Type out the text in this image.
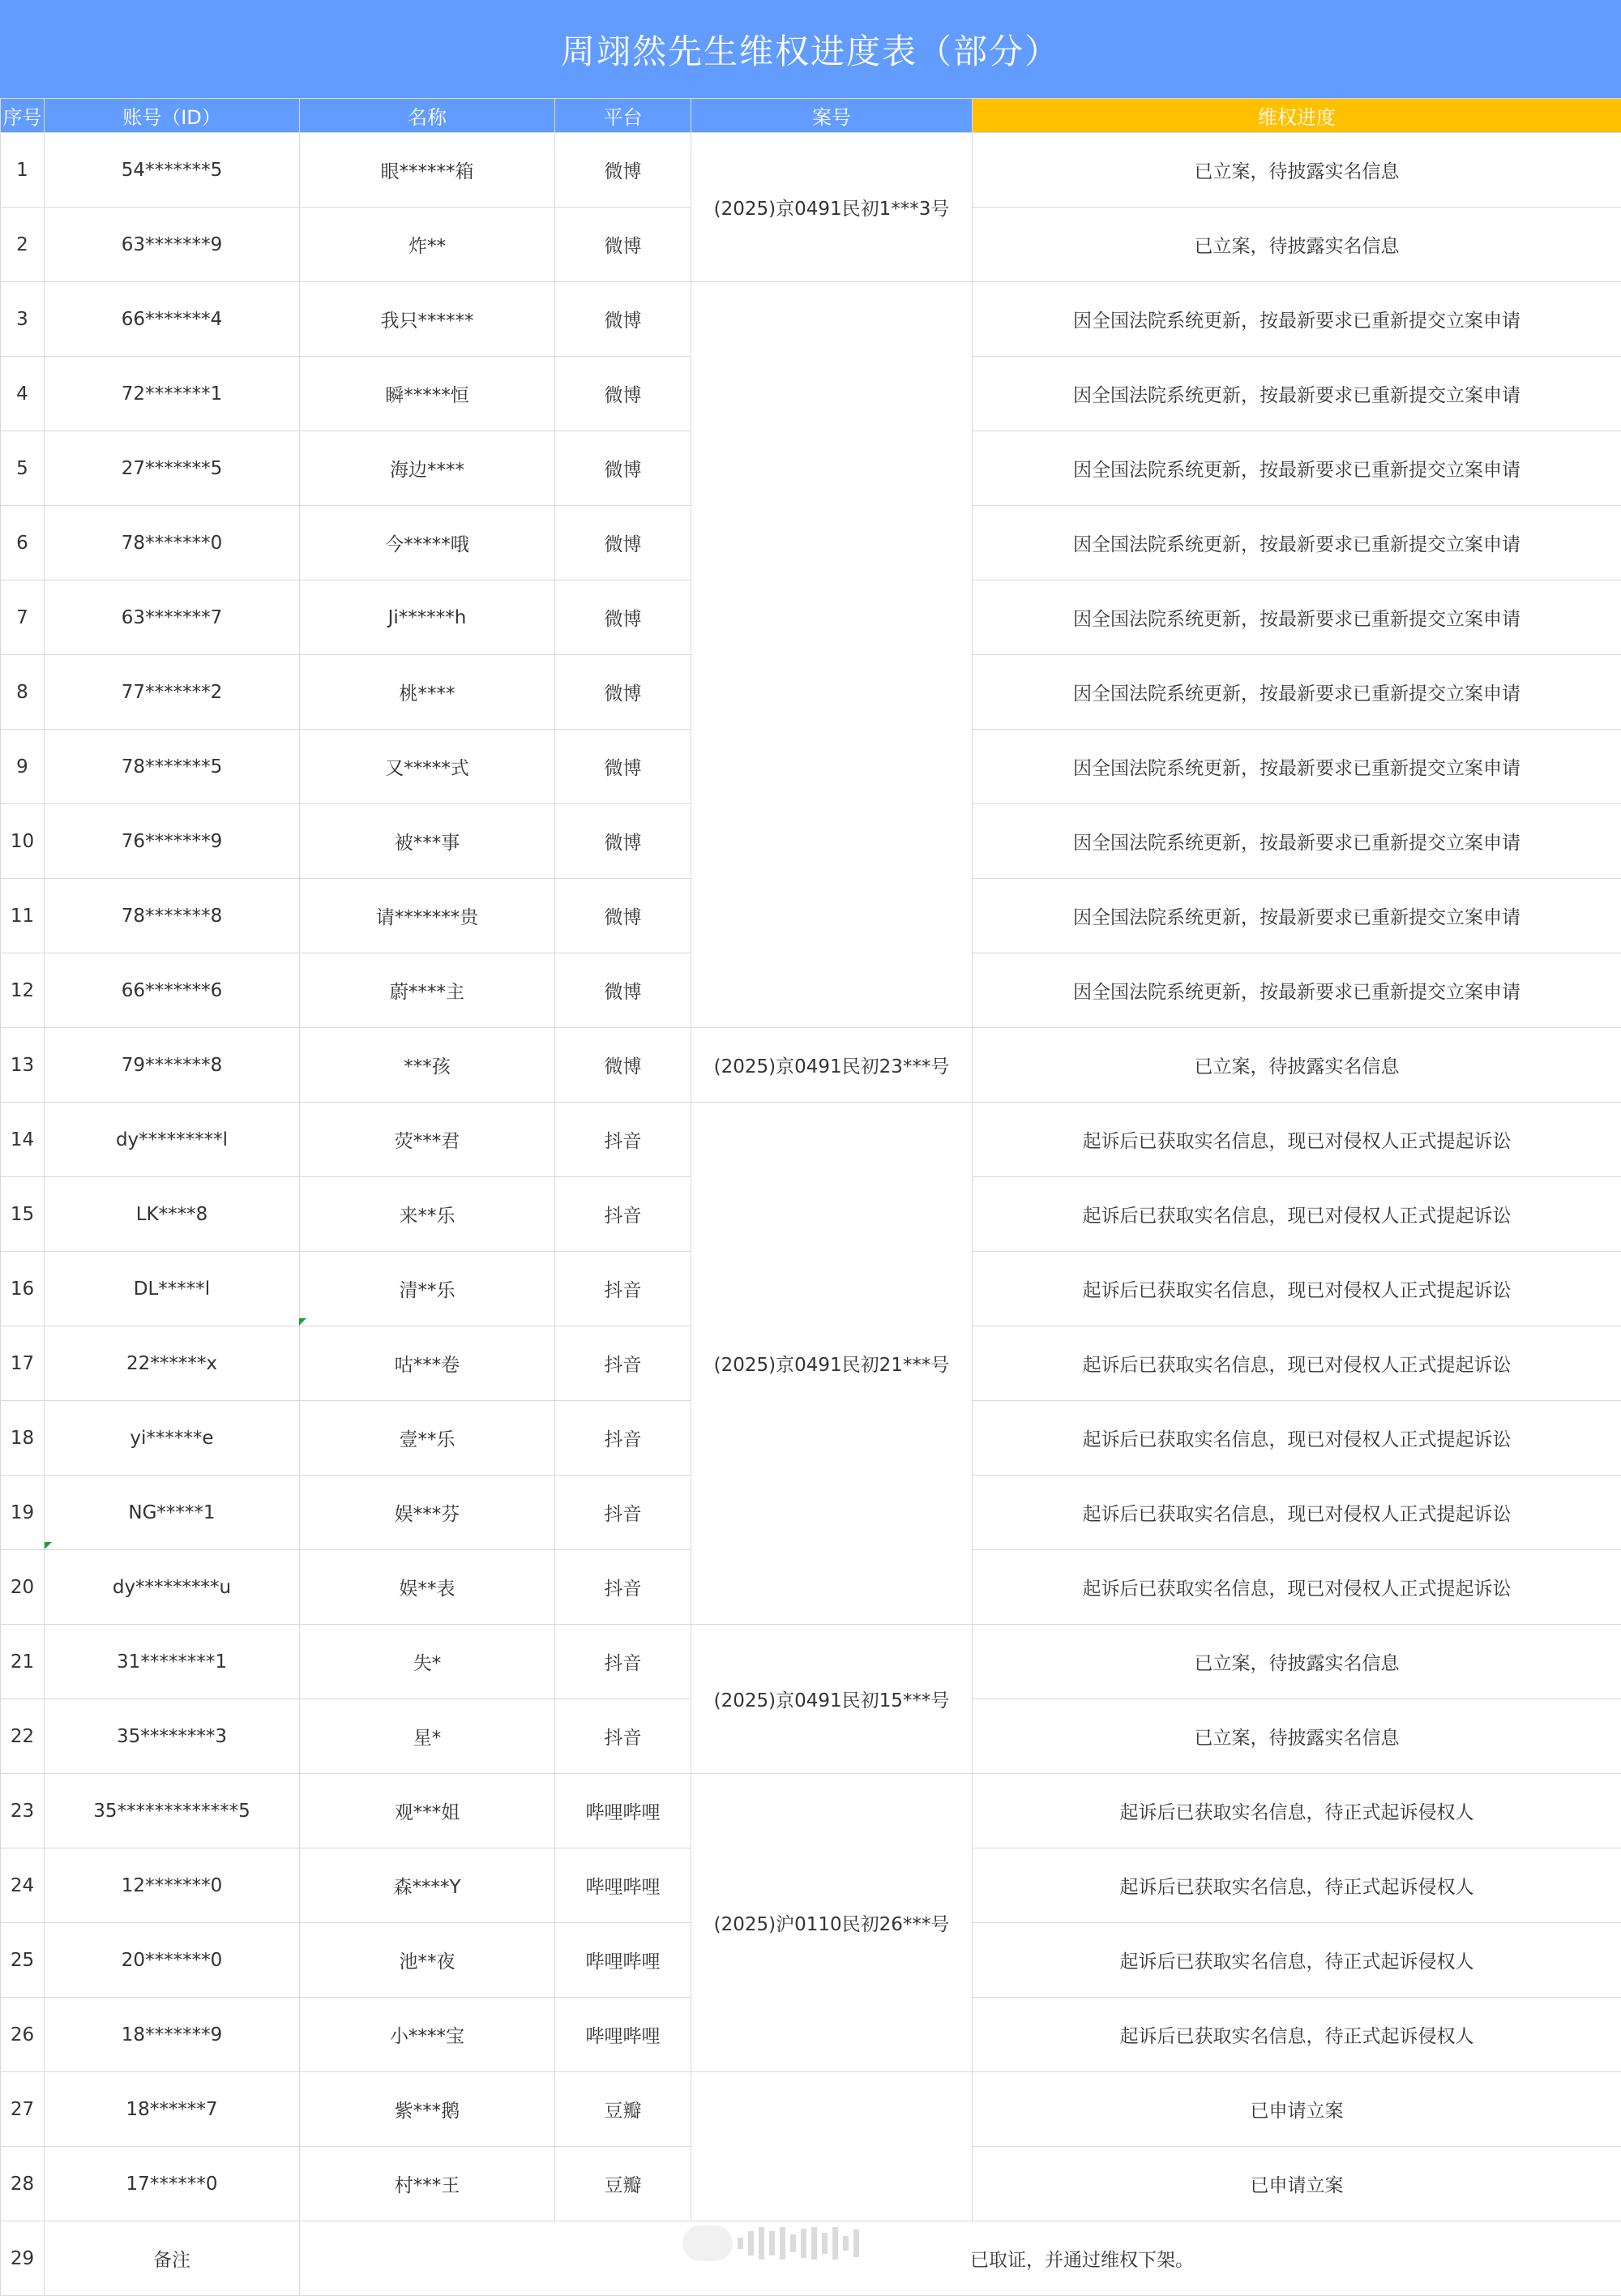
周翊然先生维权进度表（部分）
序号	账号（ID）	名称	平台	案号	维权进度
1	54*******5	眼******箱	微博	(2025)京0491民初1***3号	已立案，待披露实名信息
2	63*******9	炸**	微博		已立案，待披露实名信息
3	66*******4	我只******	微博		因全国法院系统更新，按最新要求已重新提交立案申请
4	72*******1	瞬*****恒	微博		因全国法院系统更新，按最新要求已重新提交立案申请
5	27*******5	海边****	微博		因全国法院系统更新，按最新要求已重新提交立案申请
6	78*******0	今*****哦	微博		因全国法院系统更新，按最新要求已重新提交立案申请
7	63*******7	Ji******h	微博		因全国法院系统更新，按最新要求已重新提交立案申请
8	77*******2	桃****	微博		因全国法院系统更新，按最新要求已重新提交立案申请
9	78*******5	又*****式	微博		因全国法院系统更新，按最新要求已重新提交立案申请
10	76*******9	被***事	微博		因全国法院系统更新，按最新要求已重新提交立案申请
11	78*******8	请*******贵	微博		因全国法院系统更新，按最新要求已重新提交立案申请
12	66*******6	蔚****主	微博		因全国法院系统更新，按最新要求已重新提交立案申请
13	79*******8	***孩	微博	(2025)京0491民初23***号	已立案，待披露实名信息
14	dy*********l	荧***君	抖音	(2025)京0491民初21***号	起诉后已获取实名信息，现已对侵权人正式提起诉讼
15	LK****8	来**乐	抖音		起诉后已获取实名信息，现已对侵权人正式提起诉讼
16	DL*****l	清**乐	抖音		起诉后已获取实名信息，现已对侵权人正式提起诉讼
17	22******x	咕***卷	抖音		起诉后已获取实名信息，现已对侵权人正式提起诉讼
18	yi******e	壹**乐	抖音		起诉后已获取实名信息，现已对侵权人正式提起诉讼
19	NG*****1	娱***芬	抖音		起诉后已获取实名信息，现已对侵权人正式提起诉讼
20	dy*********u	娱**表	抖音		起诉后已获取实名信息，现已对侵权人正式提起诉讼
21	31********1	失*	抖音	(2025)京0491民初15***号	已立案，待披露实名信息
22	35********3	星*	抖音		已立案，待披露实名信息
23	35*************5	观***姐	哔哩哔哩	(2025)沪0110民初26***号	起诉后已获取实名信息，待正式起诉侵权人
24	12*******0	森****Y	哔哩哔哩		起诉后已获取实名信息，待正式起诉侵权人
25	20*******0	池**夜	哔哩哔哩		起诉后已获取实名信息，待正式起诉侵权人
26	18*******9	小****宝	哔哩哔哩		起诉后已获取实名信息，待正式起诉侵权人
27	18******7	紫***鹅	豆瓣		已申请立案
28	17******0	村***王	豆瓣		已申请立案
29	备注	已取证，并通过维权下架。			
